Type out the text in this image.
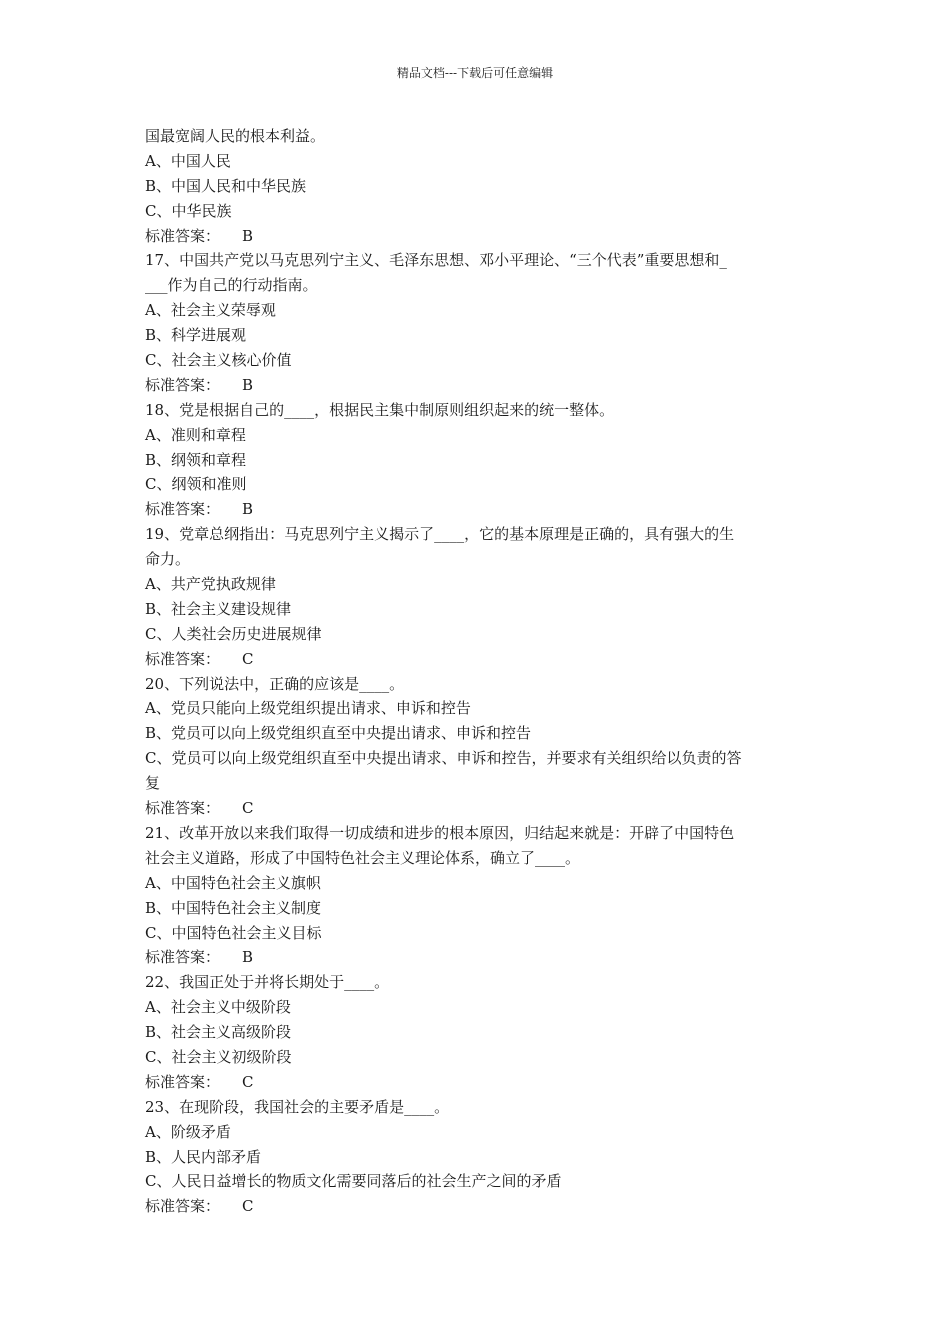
精品文档---下载后可任意编辑
国最宽阔人民的根本利益。
A、中国人民
B、中国人民和中华民族
C、中华民族
标准答案： B
17、中国共产党以马克思列宁主义、毛泽东思想、邓小平理论、“三个代表”重要思想和_
___作为自己的行动指南。
A、社会主义荣辱观
B、科学进展观
C、社会主义核心价值
标准答案： B
18、党是根据自己的____，根据民主集中制原则组织起来的统一整体。
A、准则和章程
B、纲领和章程
C、纲领和准则
标准答案： B
19、党章总纲指出：马克思列宁主义揭示了____，它的基本原理是正确的，具有强大的生
命力。
A、共产党执政规律
B、社会主义建设规律
C、人类社会历史进展规律
标准答案： C
20、下列说法中，正确的应该是____。
A、党员只能向上级党组织提出请求、申诉和控告
B、党员可以向上级党组织直至中央提出请求、申诉和控告
C、党员可以向上级党组织直至中央提出请求、申诉和控告，并要求有关组织给以负责的答
复
标准答案： C
21、改革开放以来我们取得一切成绩和进步的根本原因，归结起来就是：开辟了中国特色
社会主义道路，形成了中国特色社会主义理论体系，确立了____。
A、中国特色社会主义旗帜
B、中国特色社会主义制度
C、中国特色社会主义目标
标准答案： B
22、我国正处于并将长期处于____。
A、社会主义中级阶段
B、社会主义高级阶段
C、社会主义初级阶段
标准答案： C
23、在现阶段，我国社会的主要矛盾是____。
A、阶级矛盾
B、人民内部矛盾
C、人民日益增长的物质文化需要同落后的社会生产之间的矛盾
标准答案： C
